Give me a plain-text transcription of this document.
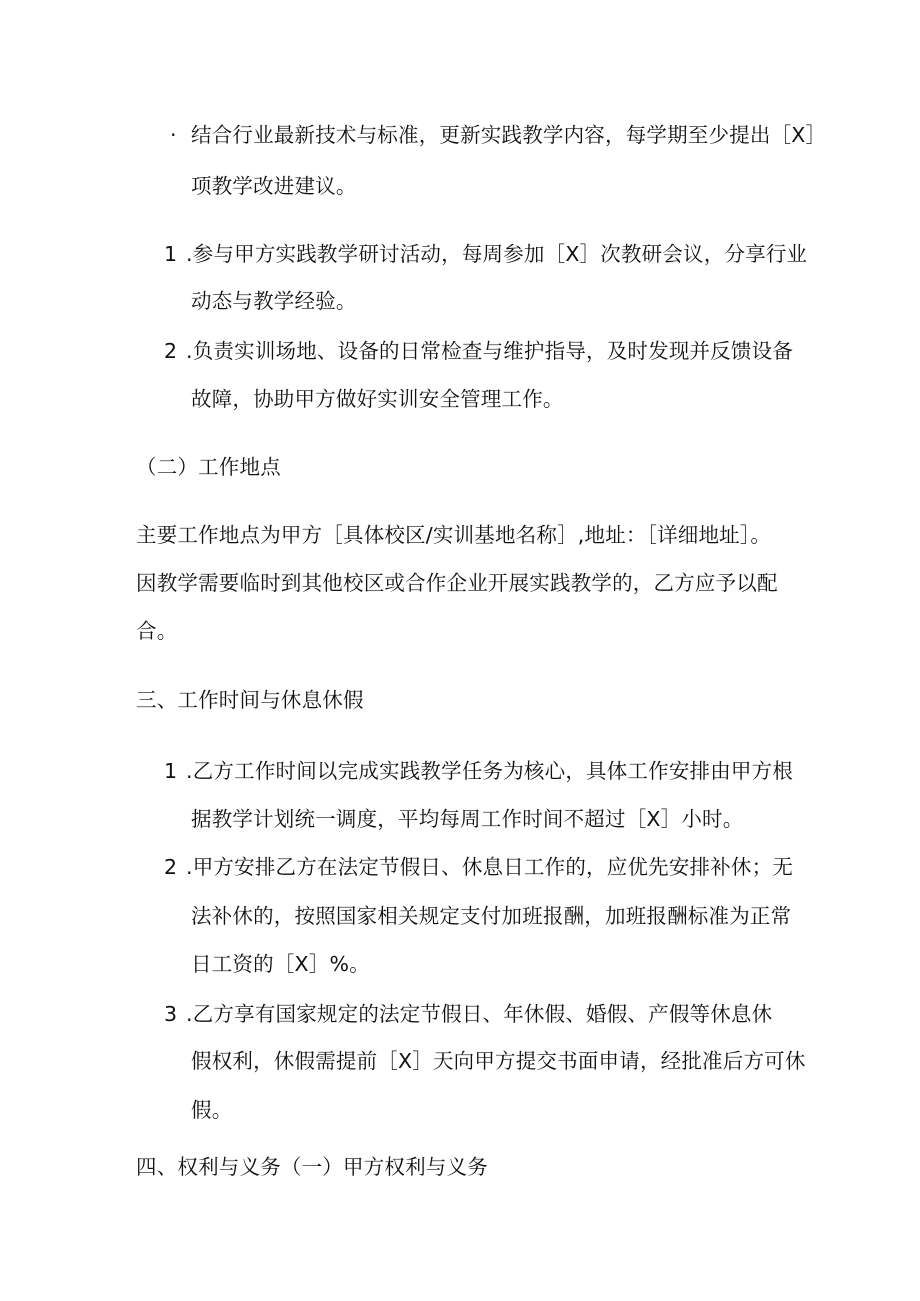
· 结合行业最新技术与标准，更新实践教学内容，每学期至少提出［X］
项教学改进建议。
1 .参与甲方实践教学研讨活动，每周参加［X］次教研会议，分享行业
动态与教学经验。
2 .负责实训场地、设备的日常检查与维护指导，及时发现并反馈设备
故障，协助甲方做好实训安全管理工作。
（二）工作地点
主要工作地点为甲方［具体校区/实训基地名称］,地址：［详细地址］。
因教学需要临时到其他校区或合作企业开展实践教学的，乙方应予以配
合。
三、工作时间与休息休假
1 .乙方工作时间以完成实践教学任务为核心，具体工作安排由甲方根
据教学计划统一调度，平均每周工作时间不超过［X］小时。
2 .甲方安排乙方在法定节假日、休息日工作的，应优先安排补休；无
法补休的，按照国家相关规定支付加班报酬，加班报酬标准为正常
日工资的［X］%。
3 .乙方享有国家规定的法定节假日、年休假、婚假、产假等休息休
假权利，休假需提前［X］天向甲方提交书面申请，经批准后方可休
假。
四、权利与义务（一）甲方权利与义务
